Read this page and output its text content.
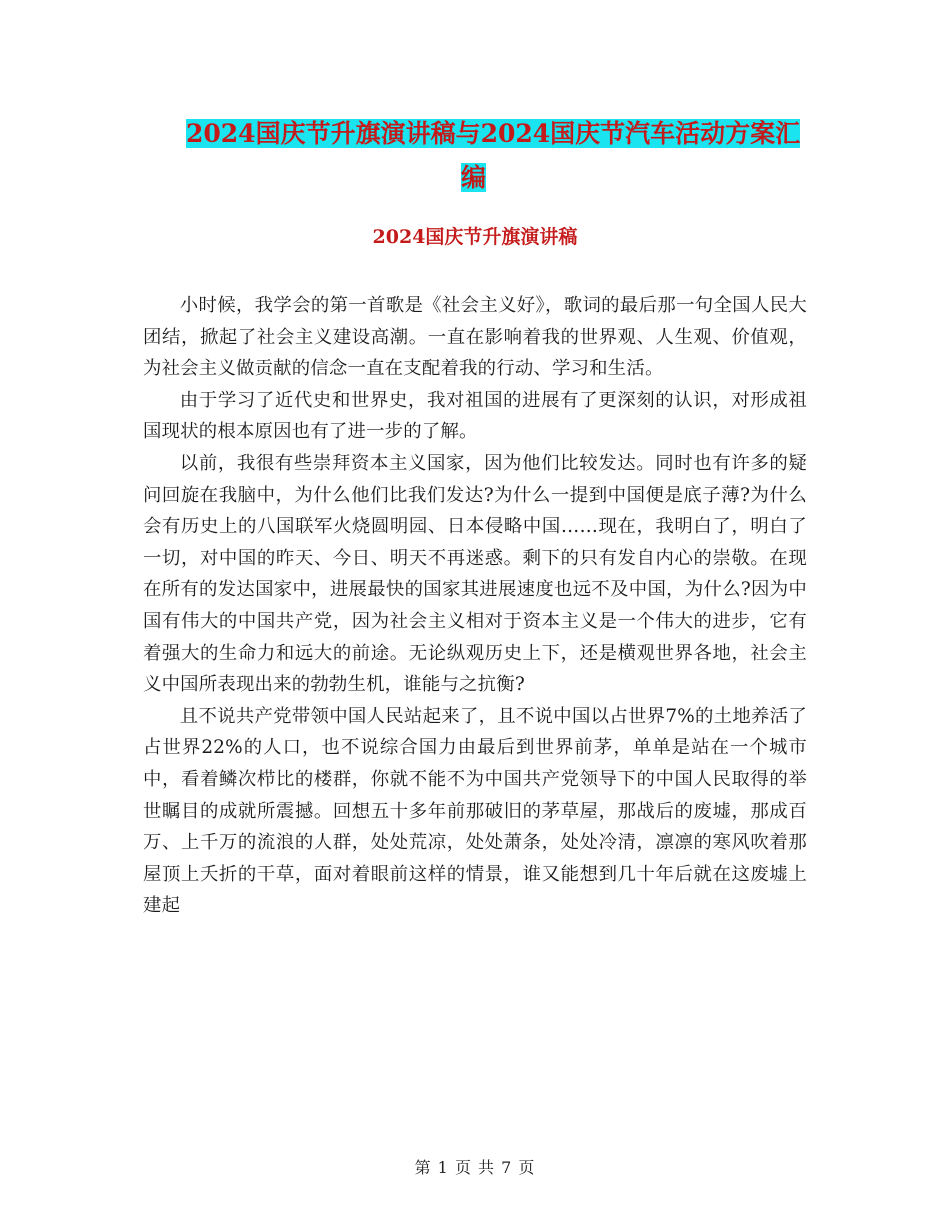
2024国庆节升旗演讲稿与2024国庆节汽车活动方案汇
编
2024国庆节升旗演讲稿

小时候，我学会的第一首歌是《社会主义好》，歌词的最后那一句全国人民大团结，掀起了社会主义建设高潮。一直在影响着我的世界观、人生观、价值观，为社会主义做贡献的信念一直在支配着我的行动、学习和生活。

由于学习了近代史和世界史，我对祖国的进展有了更深刻的认识，对形成祖国现状的根本原因也有了进一步的了解。

以前，我很有些崇拜资本主义国家，因为他们比较发达。同时也有许多的疑问回旋在我脑中，为什么他们比我们发达?为什么一提到中国便是底子薄?为什么会有历史上的八国联军火烧圆明园、日本侵略中国……现在，我明白了，明白了一切，对中国的昨天、今日、明天不再迷惑。剩下的只有发自内心的崇敬。在现在所有的发达国家中，进展最快的国家其进展速度也远不及中国，为什么?因为中国有伟大的中国共产党，因为社会主义相对于资本主义是一个伟大的进步，它有着强大的生命力和远大的前途。无论纵观历史上下，还是横观世界各地，社会主义中国所表现出来的勃勃生机，谁能与之抗衡?

且不说共产党带领中国人民站起来了，且不说中国以占世界7%的土地养活了占世界22%的人口，也不说综合国力由最后到世界前茅，单单是站在一个城市中，看着鳞次栉比的楼群，你就不能不为中国共产党领导下的中国人民取得的举世瞩目的成就所震撼。回想五十多年前那破旧的茅草屋，那战后的废墟，那成百万、上千万的流浪的人群，处处荒凉，处处萧条，处处冷清，凛凛的寒风吹着那屋顶上夭折的干草，面对着眼前这样的情景，谁又能想到几十年后就在这废墟上建起

第 1 页 共 7 页
